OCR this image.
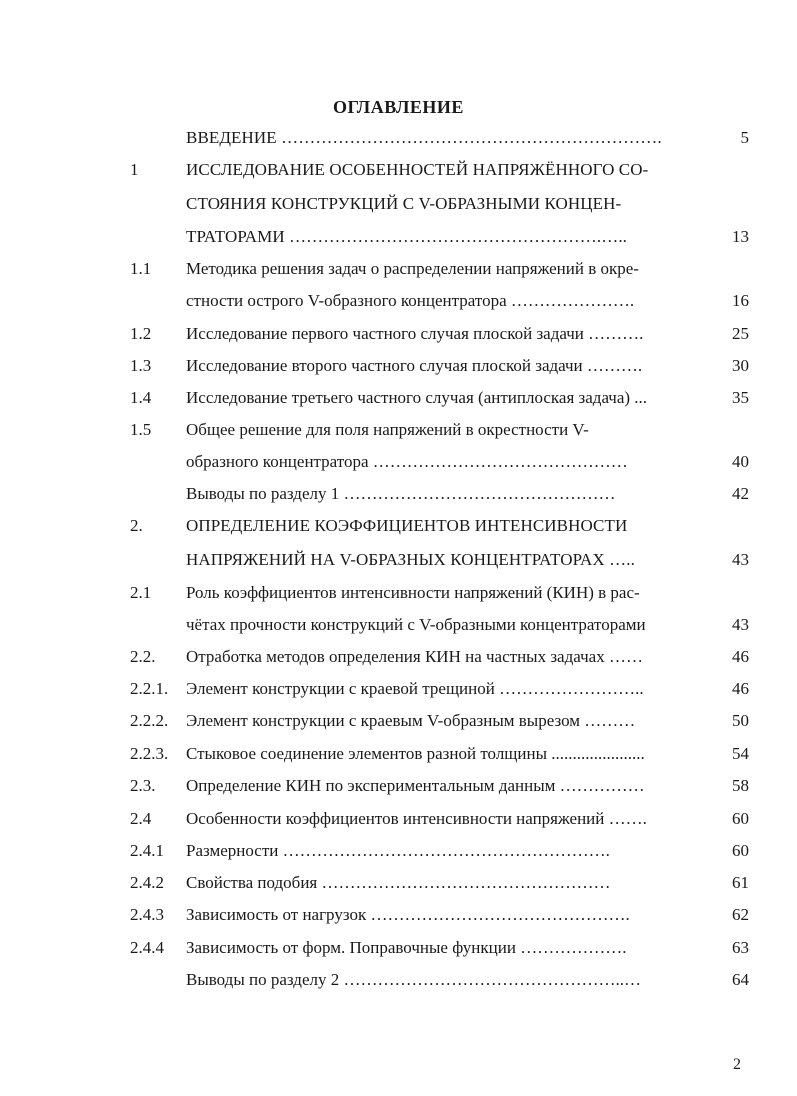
ОГЛАВЛЕНИЕ
ВВЕДЕНИЕ ………………………………………………………….	5
1	ИССЛЕДОВАНИЕ ОСОБЕННОСТЕЙ НАПРЯЖЁННОГО СО-
СТОЯНИЯ КОНСТРУКЦИЙ С V-ОБРАЗНЫМИ КОНЦЕН-
ТРАТОРАМИ ……………………………………………….…..	13
1.1 Методика решения задач о распределении напряжений в окре-
стности острого V-образного концентратора ………………….	16
1.2 Исследование первого частного случая плоской задачи ……….	25
1.3 Исследование второго частного случая плоской задачи ……….	30
1.4 Исследование третьего частного случая (антиплоская задача) ...	35
1.5 Общее решение для поля напряжений в окрестности V-
образного концентратора ………………………………………	40
Выводы по разделу 1 …………………………………………	42
2.	ОПРЕДЕЛЕНИЕ КОЭФФИЦИЕНТОВ ИНТЕНСИВНОСТИ
НАПРЯЖЕНИЙ НА V-ОБРАЗНЫХ КОНЦЕНТРАТОРАХ …..	43
2.1 Роль коэффициентов интенсивности напряжений (КИН) в рас-
чётах прочности конструкций с V-образными концентраторами	43
2.2. Отработка методов определения КИН на частных задачах ……	46
2.2.1. Элемент конструкции с краевой трещиной ……………………..	46
2.2.2. Элемент конструкции с краевым V-образным вырезом ………	50
2.2.3. Стыковое соединение элементов разной толщины ......................	54
2.3. Определение КИН по экспериментальным данным ……………	58
2.4 Особенности коэффициентов интенсивности напряжений …….	60
2.4.1 Размерности ………………………………………………….	60
2.4.2 Свойства подобия ……………………………………………	61
2.4.3 Зависимость от нагрузок ……………………………………….	62
2.4.4 Зависимость от форм. Поправочные функции ……………….	63
Выводы по разделу 2 …………………………………………..…	64
2
